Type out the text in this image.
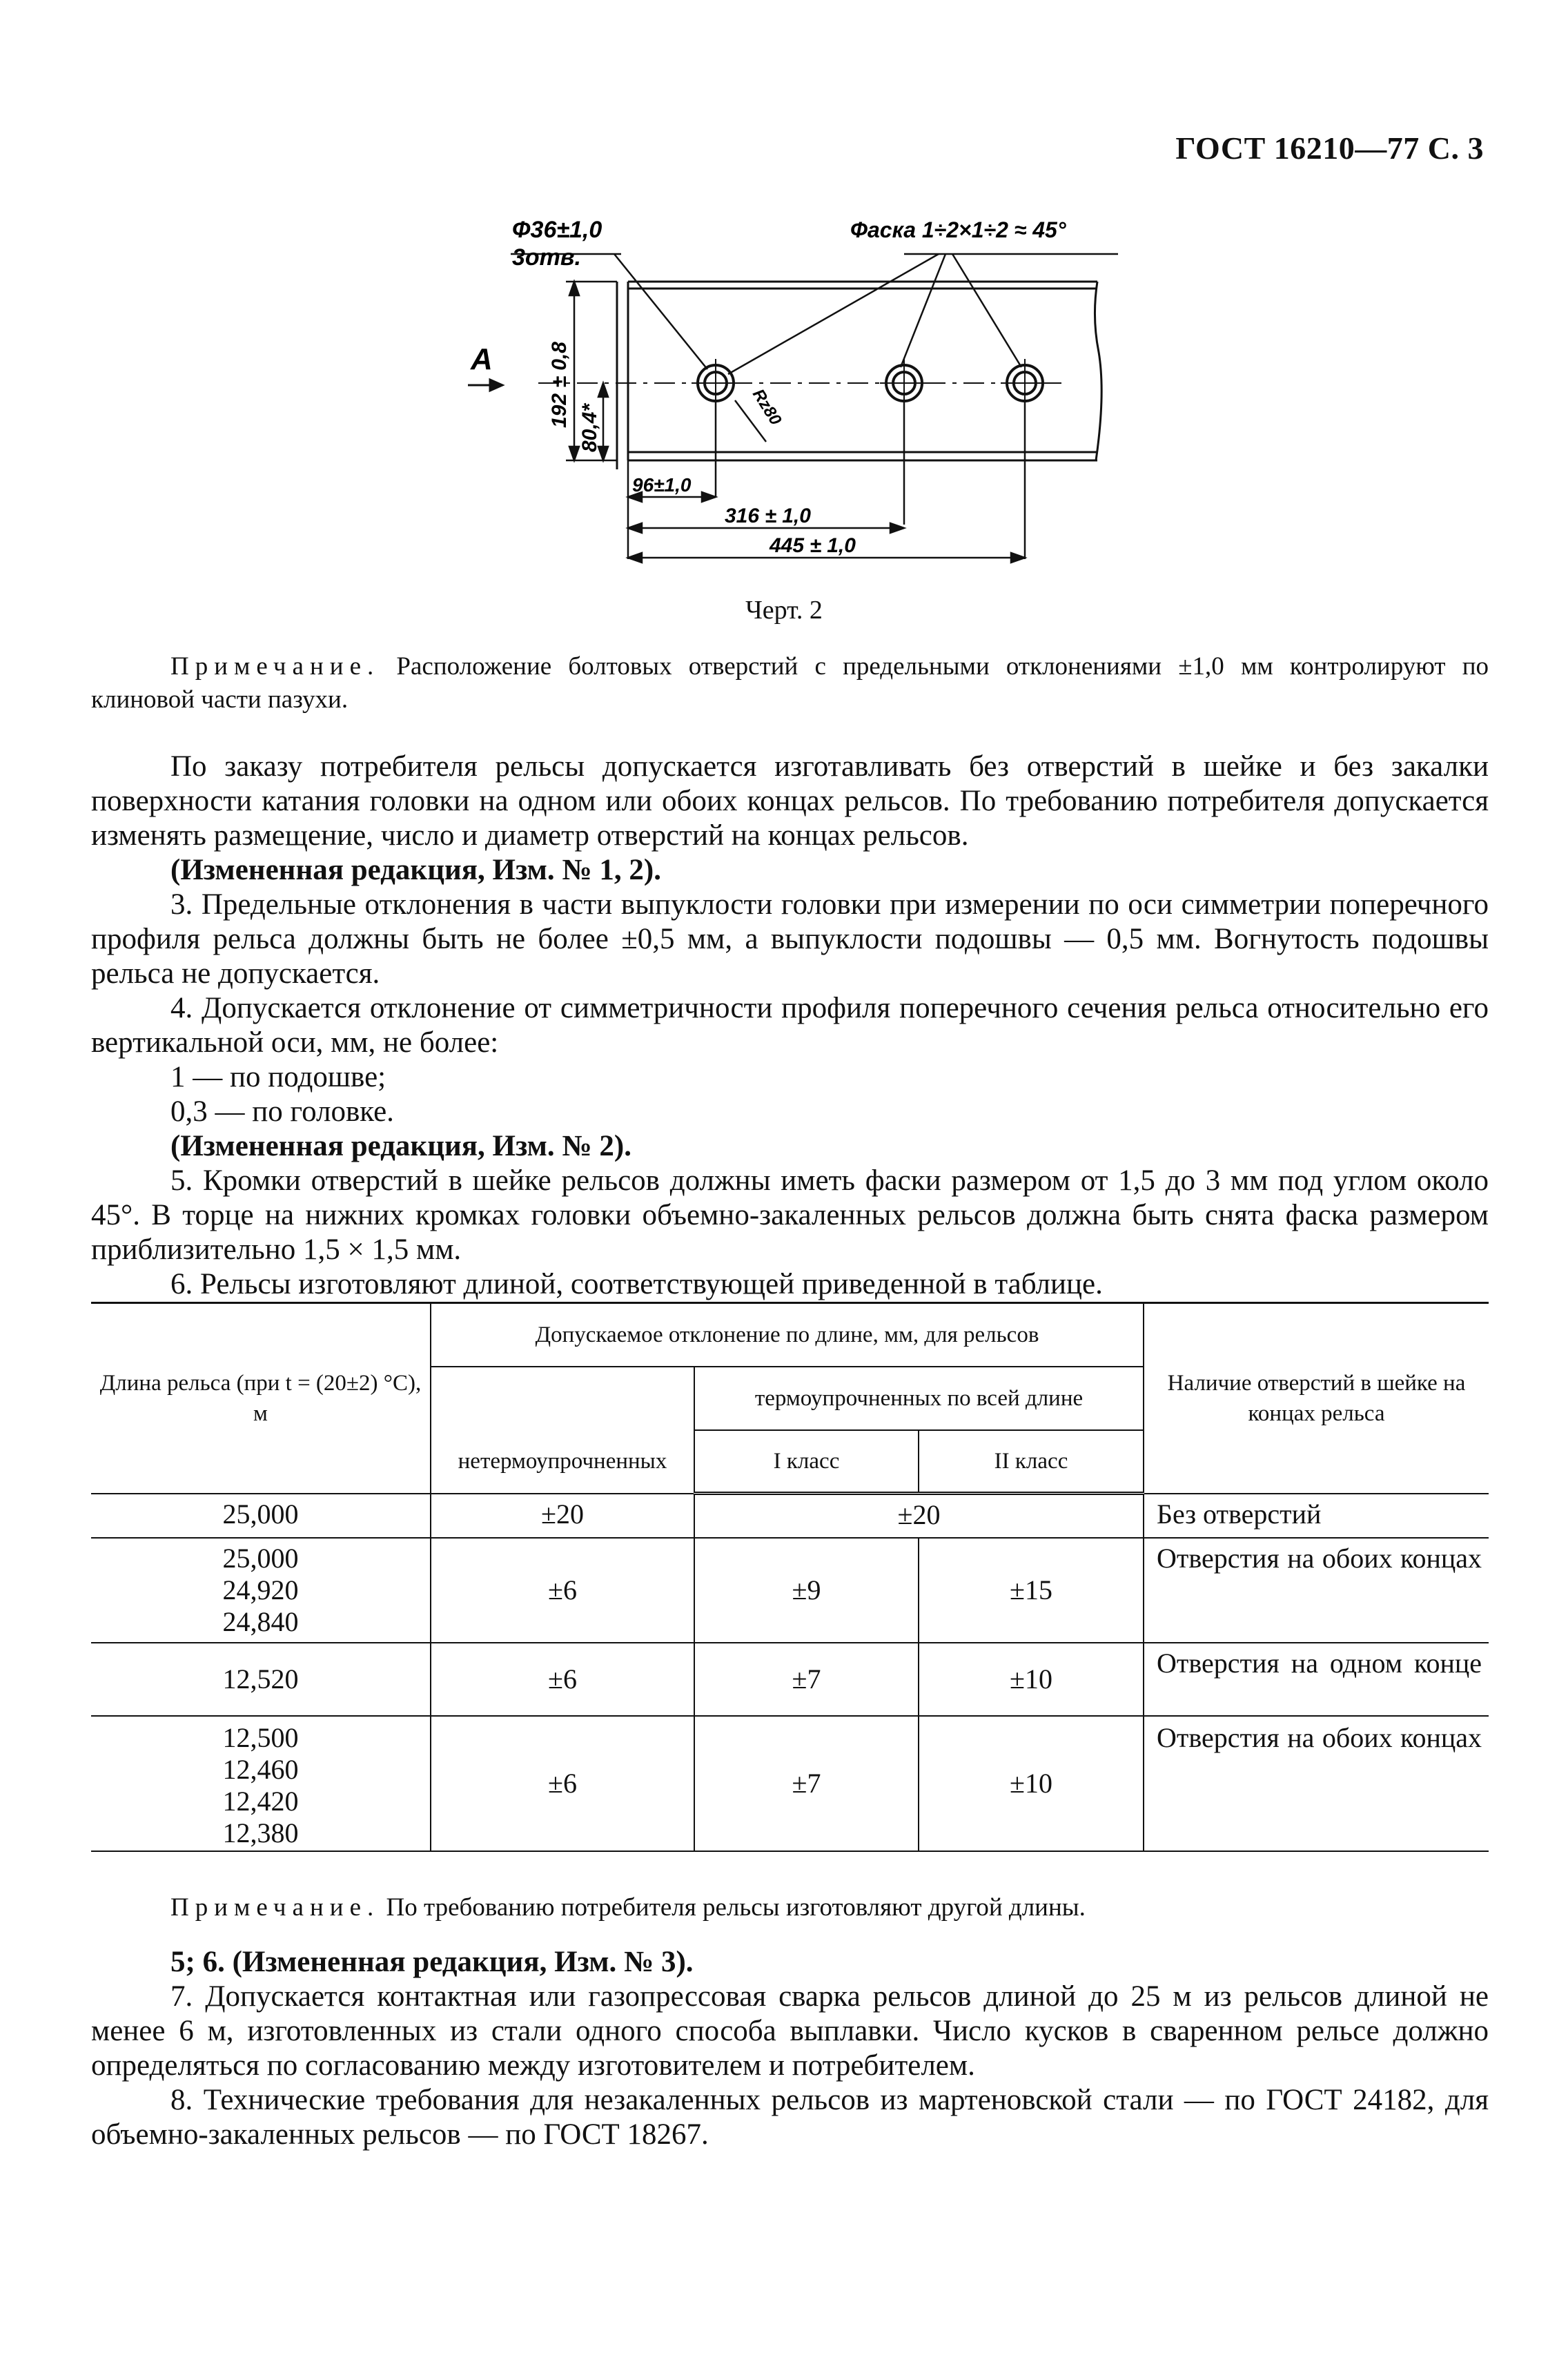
ГОСТ 16210—77 С. 3
Ф36±1,0
3отв.
Фаска 1÷2×1÷2 ≈ 45°
А	192 ± 0,8 80,4*	Rz80
96±1,0
316 ± 1,0
445 ± 1,0
Черт. 2
Примечание. Расположение болтовых отверстий с предельными отклонениями ±1,0 мм контролируют по клиновой части пазухи.

По заказу потребителя рельсы допускается изготавливать без отверстий в шейке и без закалки поверхности катания головки на одном или обоих концах рельсов. По требованию потребителя допускается изменять размещение, число и диаметр отверстий на концах рельсов.

(Измененная редакция, Изм. № 1, 2).

3. Предельные отклонения в части выпуклости головки при измерении по оси симметрии поперечного профиля рельса должны быть не более ±0,5 мм, а выпуклости подошвы — 0,5 мм. Вогнутость подошвы рельса не допускается.

4. Допускается отклонение от симметричности профиля поперечного сечения рельса относительно его вертикальной оси, мм, не более:

1 — по подошве;

0,3 — по головке.

(Измененная редакция, Изм. № 2).

5. Кромки отверстий в шейке рельсов должны иметь фаски размером от 1,5 до 3 мм под углом около 45°. В торце на нижних кромках головки объемно-закаленных рельсов должна быть снята фаска размером приблизительно 1,5 × 1,5 мм.

6. Рельсы изготовляют длиной, соответствующей приведенной в таблице.

Длина рельса (при t = (20±2) °С), м	Допускаемое отклонение по длине, мм, для рельсов			Наличие отверстий в шейке на концах рельса
	нетермоупрочненных	термоупрочненных по всей длине		
		I класс	II класс	
25,000	±20	±20		Без отверстий

25,000
24,920
24,840	±6	±9	±15	Отверстия на обоих концах
12,520	±6	±7	±10	Отверстия на одном конце

12,500
12,460
12,420
12,380	±6	±7	±10	Отверстия на обоих концах
Примечание. По требованию потребителя рельсы изготовляют другой длины.

5; 6. (Измененная редакция, Изм. № 3).

7. Допускается контактная или газопрессовая сварка рельсов длиной до 25 м из рельсов длиной не менее 6 м, изготовленных из стали одного способа выплавки. Число кусков в сваренном рельсе должно определяться по согласованию между изготовителем и потребителем.

8. Технические требования для незакаленных рельсов из мартеновской стали — по ГОСТ 24182, для объемно-закаленных рельсов — по ГОСТ 18267.
